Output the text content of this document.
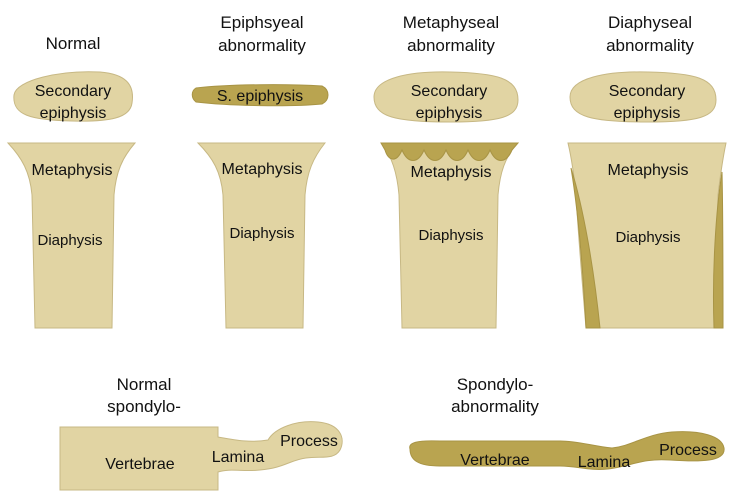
Normal
Secondary
epiphysis
Metaphysis
Diaphysis
Epiphsyeal
abnormality
S. epiphysis
Metaphysis
Diaphysis
Metaphyseal
abnormality
Secondary
epiphysis
Metaphysis
Diaphysis
Diaphyseal
abnormality
Secondary
epiphysis
Metaphysis
Diaphysis
Normal
spondylo-
Vertebrae Lamina
Process
Spondylo-
abnormality
Vertebrae	Lamina
Process
